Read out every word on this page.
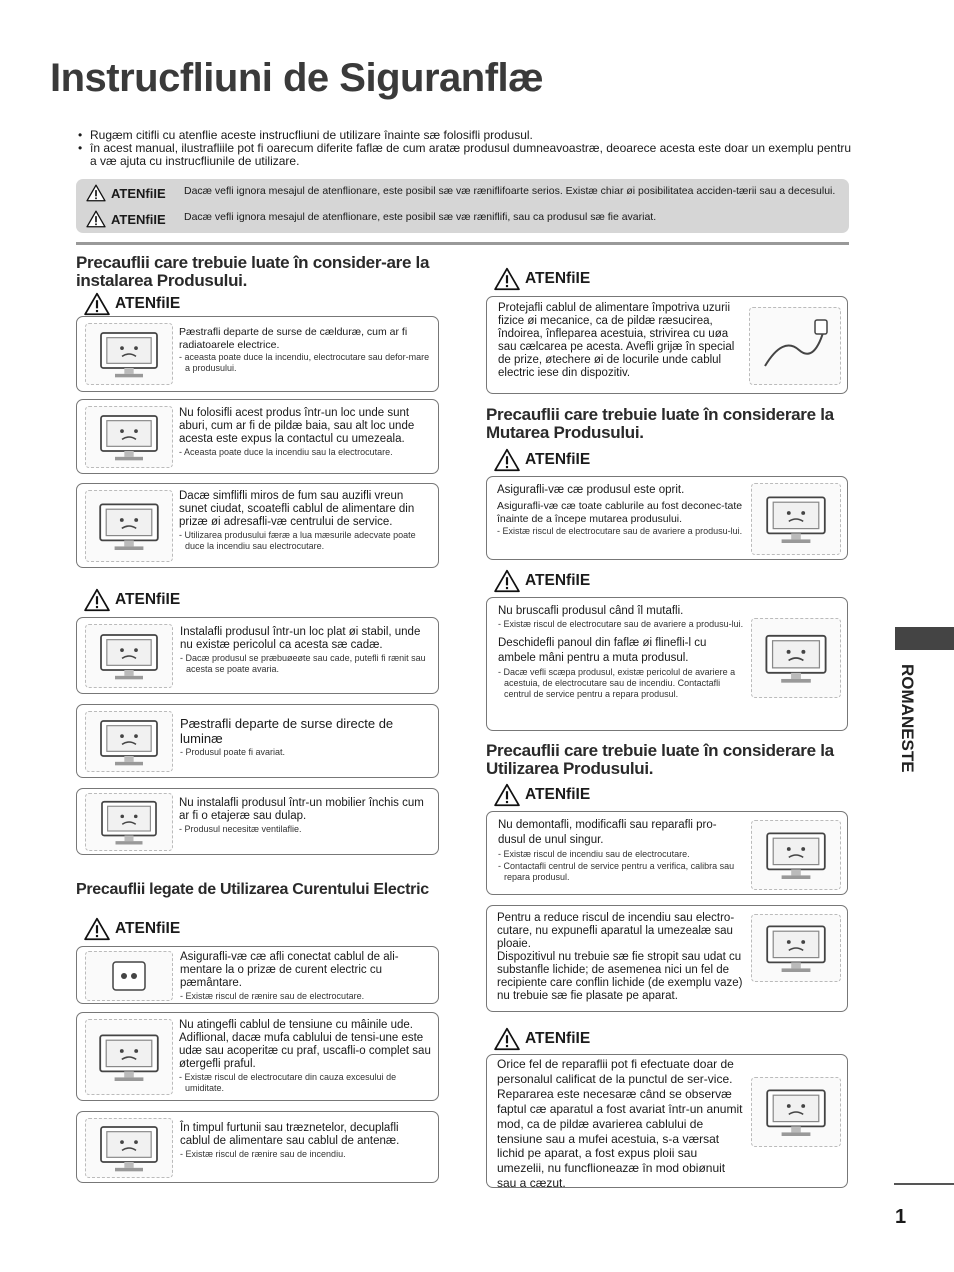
Instrucfliuni de Siguranflæ
• Rugæm citifli cu atenflie aceste instrucfliuni de utilizare înainte sæ folosifli produsul.
• în acest manual, ilustrafliile pot fi oarecum diferite faflæ de cum aratæ produsul dumneavoastræ, deoarece acesta este doar un exemplu pentru a væ ajuta cu instrucfliunile de utilizare.
ATENfiIE Dacæ vefli ignora mesajul de atenflionare, este posibil sæ væ ræniflifoarte serios. Existæ chiar øi posibilitatea acciden-tærii sau a decesului.
ATENfiIE Dacæ vefli ignora mesajul de atenflionare, este posibil sæ væ ræniflifi, sau ca produsul sæ fie avariat.
Precauflii care trebuie luate în consider-are la instalarea Produsului.
ATENfiIE
Pæstrafli departe de surse de cælduræ, cum ar fi radiatoarele electrice.
- aceasta poate duce la incendiu, electrocutare sau defor-mare a produsului.
Nu folosifli acest produs într-un loc unde sunt aburi, cum ar fi de pildæ baia, sau alt loc unde acesta este expus la contactul cu umezeala.
- Aceasta poate duce la incendiu sau la electrocutare.
Dacæ simflifli miros de fum sau auzifli vreun sunet ciudat, scoatefli cablul de alimentare din prizæ øi adresafli-væ centrului de service.
- Utilizarea produsului færæ a lua mæsurile adecvate poate duce la incendiu sau electrocutare.
ATENfiIE
Instalafli produsul într-un loc plat øi stabil, unde nu existæ pericolul ca acesta sæ cadæ.
- Dacæ produsul se præbuøeøte sau cade, putefli fi rænit sau acesta se poate avaria.
Pæstrafli departe de surse directe de luminæ
- Produsul poate fi avariat.
Nu instalafli produsul într-un mobilier închis cum ar fi o etajeræ sau dulap.
- Produsul necesitæ ventilaflie.
Precauflii legate de Utilizarea Curentului Electric
ATENfiIE
Asigurafli-væ cæ afli conectat cablul de ali-mentare la o prizæ de curent electric cu pæmântare.
- Existæ riscul de rænire sau de electrocutare.
Nu atingefli cablul de tensiune cu mâinile ude. Adiflional, dacæ mufa cablului de tensi-une este udæ sau acoperitæ cu praf, uscafli-o complet sau øtergefli praful.
- Existæ riscul de electrocutare din cauza excesului de umiditate.
În timpul furtunii sau træznetelor, decuplafli cablul de alimentare sau cablul de antenæ.
- Existæ riscul de rænire sau de incendiu.
ATENfiIE
Protejafli cablul de alimentare împotriva uzurii fizice øi mecanice, ca de pildæ ræsucirea, îndoirea, înfleparea acestuia, strivirea cu uøa sau cælcarea pe acesta. Avefli grijæ în special de prize, øtechere øi de locurile unde cablul electric iese din dispozitiv.
Precauflii care trebuie luate în considerare la Mutarea Produsului.
ATENfiIE
Asigurafli-væ cæ produsul este oprit.
Asigurafli-væ cæ toate cablurile au fost deconec-tate înainte de a începe mutarea produsului.
- Existæ riscul de electrocutare sau de avariere a produsu-lui.
ATENfiIE
Nu bruscafli produsul când îl mutafli.
- Existæ riscul de electrocutare sau de avariere a produsu-lui.
Deschidefli panoul din faflæ øi flinefli-l cu ambele mâni pentru a muta produsul.
- Dacæ vefli scæpa produsul, existæ pericolul de avariere a acestuia, de electrocutare sau de incendiu. Contactafli centrul de service pentru a repara produsul.
Precauflii care trebuie luate în considerare la Utilizarea Produsului.
ATENfiIE
Nu demontafli, modificafli sau reparafli pro-dusul de unul singur.
- Existæ riscul de incendiu sau de electrocutare.
- Contactafli centrul de service pentru a verifica, calibra sau repara produsul.
Pentru a reduce riscul de incendiu sau electro-cutare, nu expunefli aparatul la umezealæ sau ploaie.
Dispozitivul nu trebuie sæ fie stropit sau udat cu substanfle lichide; de asemenea nici un fel de recipiente care conflin lichide (de exemplu vaze) nu trebuie sæ fie plasate pe aparat.
ATENfiIE
Orice fel de reparaflii pot fi efectuate doar de personalul calificat de la punctul de ser-vice. Repararea este necesaræ când se observæ faptul cæ aparatul a fost avariat într-un anumit mod, ca de pildæ avarierea cablului de tensiune sau a mufei acestuia, s-a værsat lichid pe aparat, a fost expus ploii sau umezelii, nu funcflioneazæ în mod obiønuit sau a cæzut.
ROMANESTE
1
